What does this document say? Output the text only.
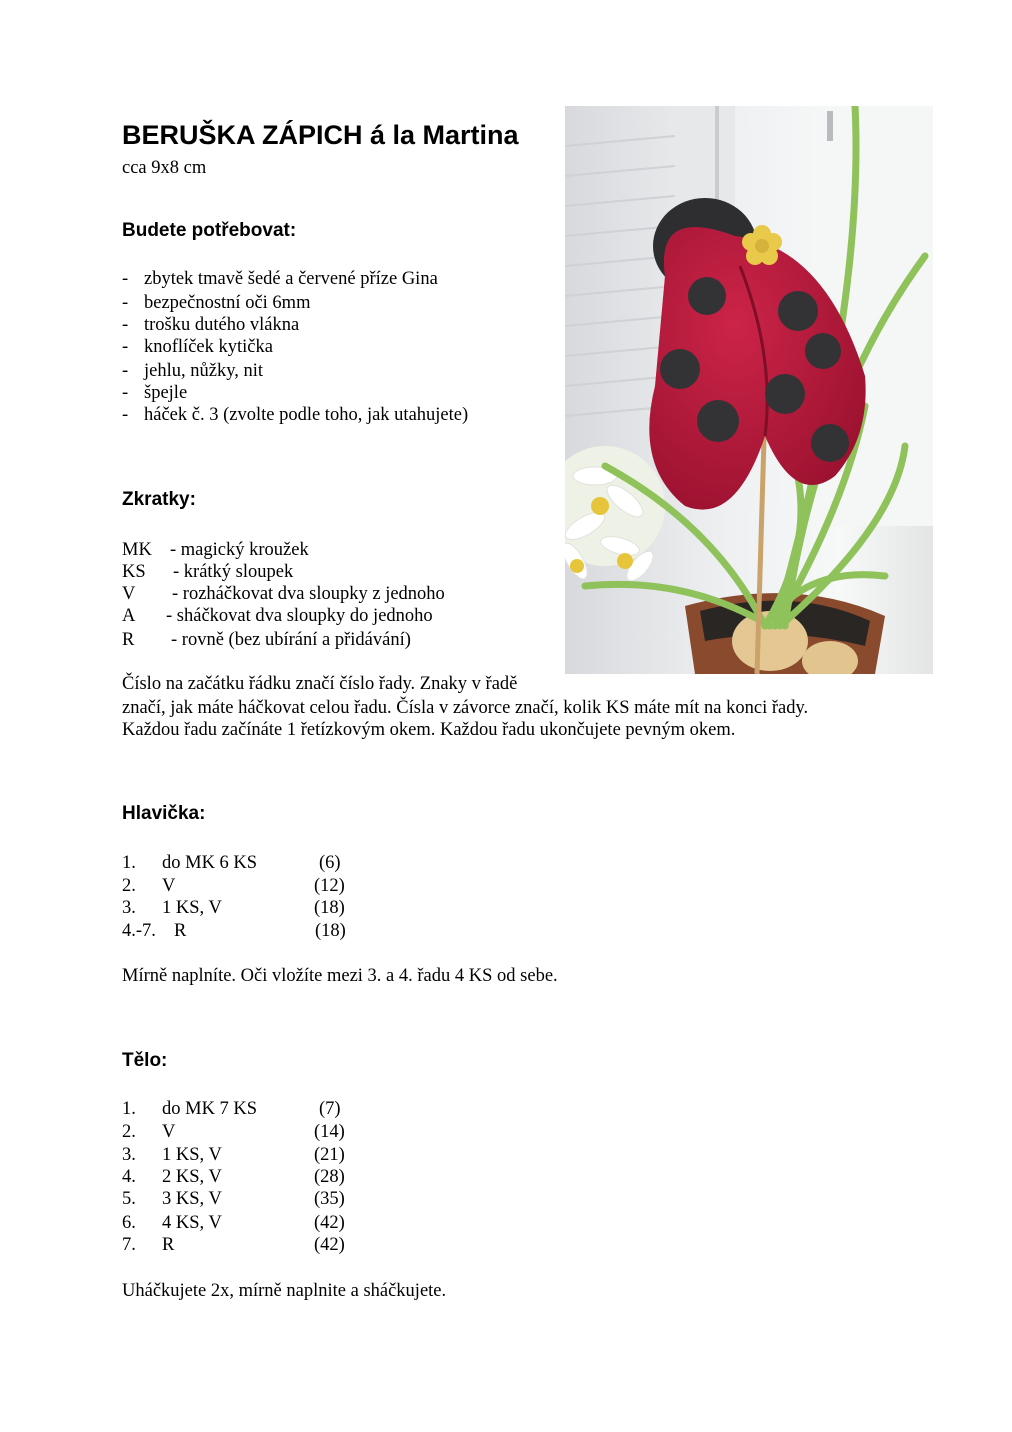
BERUŠKA ZÁPICH á la Martina
cca 9x8 cm
Budete potřebovat:
- zbytek tmavě šedé a červené příze Gina
- bezpečnostní oči 6mm
- trošku dutého vlákna
- knoflíček kytička
- jehlu, nůžky, nit
- špejle
- háček č. 3 (zvolte podle toho, jak utahujete)
Zkratky:
MK - magický kroužek
KS - krátký sloupek
V - rozháčkovat dva sloupky z jednoho
A - sháčkovat dva sloupky do jednoho
R - rovně (bez ubírání a přidávání)
Číslo na začátku řádku značí číslo řady. Znaky v řadě
značí, jak máte háčkovat celou řadu. Čísla v závorce značí, kolik KS máte mít na konci řady.
Každou řadu začínáte 1 řetízkovým okem. Každou řadu ukončujete pevným okem.
Hlavička:
1. do MK 6 KS	(6)
2. V	(12)
3. 1 KS, V	(18)
4.-7. R	(18)
Mírně naplníte. Oči vložíte mezi 3. a 4. řadu 4 KS od sebe.
Tělo:
1. do MK 7 KS	(7)
2. V	(14)
3. 1 KS, V	(21)
4. 2 KS, V	(28)
5. 3 KS, V	(35)
6. 4 KS, V	(42)
7. R	(42)
Uháčkujete 2x, mírně naplnite a sháčkujete.
